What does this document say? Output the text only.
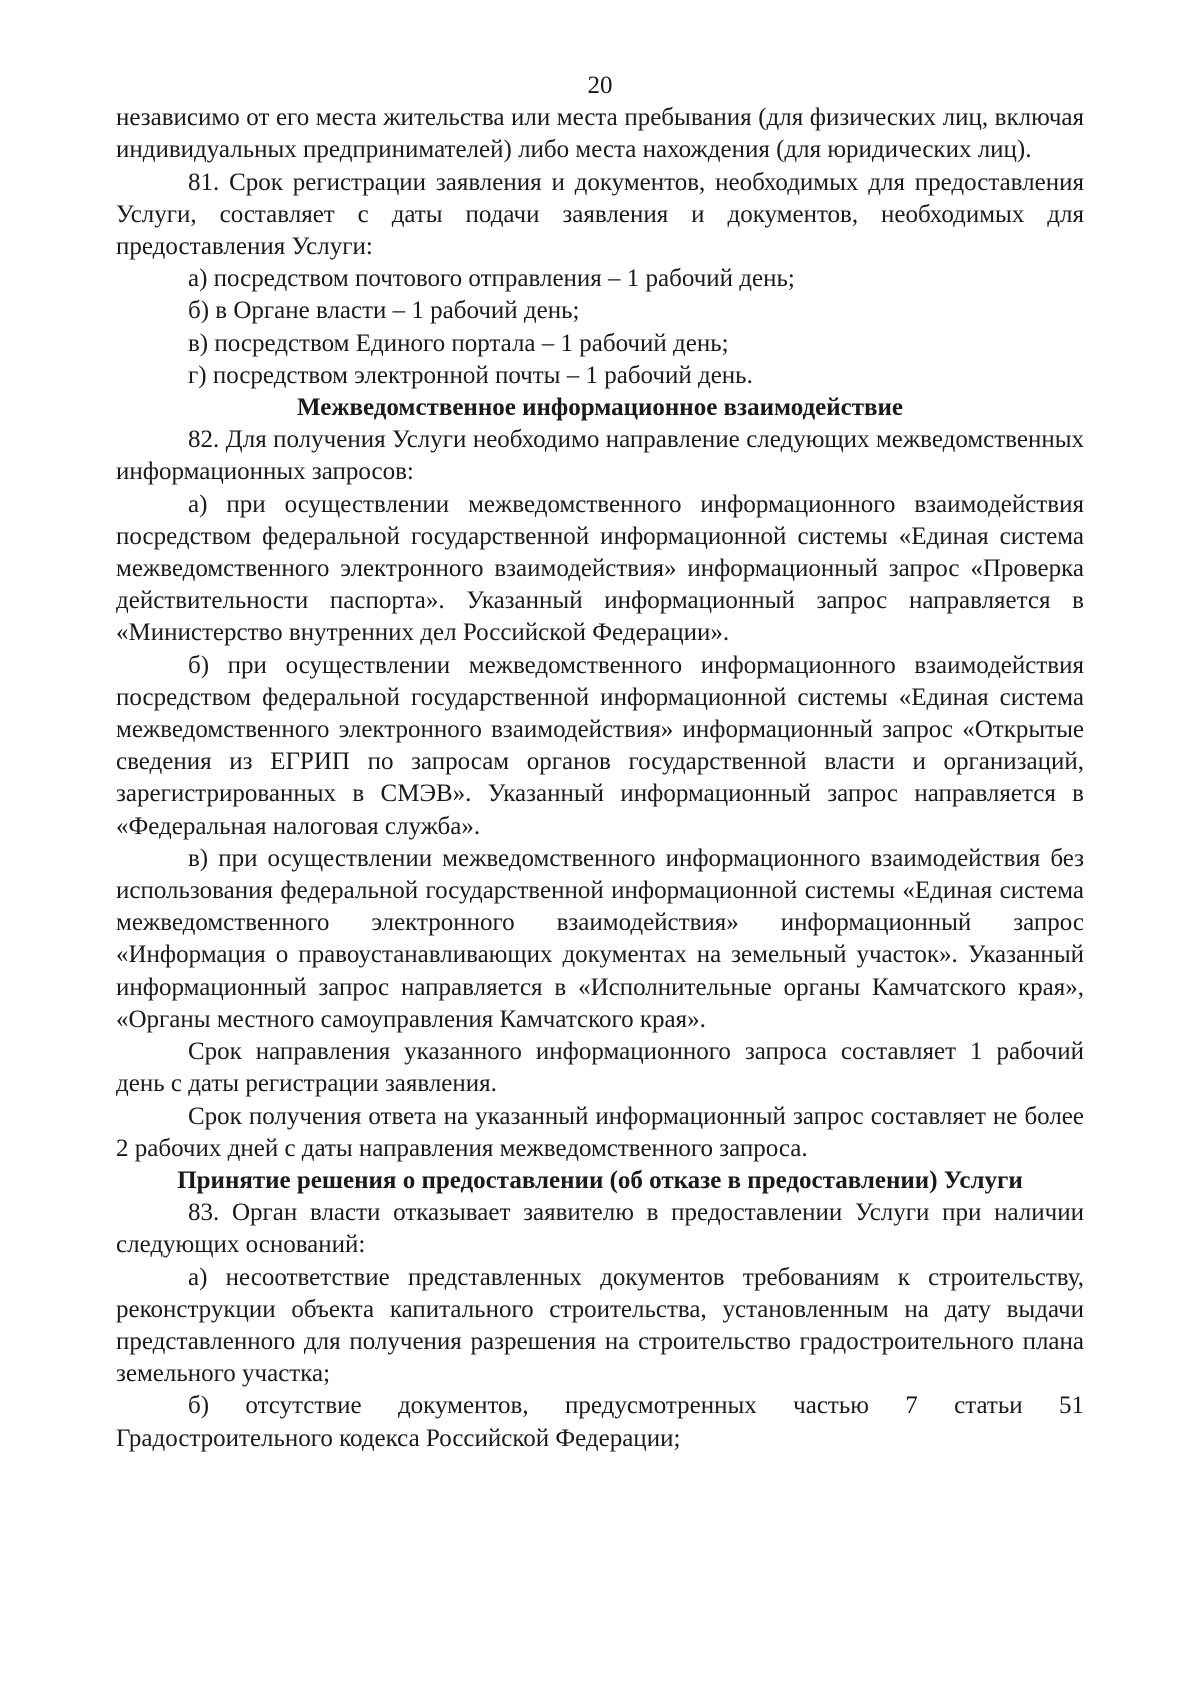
20

независимо от его места жительства или места пребывания (для физических лиц, включая индивидуальных предпринимателей) либо места нахождения (для юридических лиц).

81. Срок регистрации заявления и документов, необходимых для предоставления Услуги, составляет с даты подачи заявления и документов, необходимых для предоставления Услуги:

а) посредством почтового отправления – 1 рабочий день;

б) в Органе власти – 1 рабочий день;

в) посредством Единого портала – 1 рабочий день;

г) посредством электронной почты – 1 рабочий день.

Межведомственное информационное взаимодействие

82. Для получения Услуги необходимо направление следующих межведомственных информационных запросов:

а) при осуществлении межведомственного информационного взаимодействия посредством федеральной государственной информационной системы «Единая система межведомственного электронного взаимодействия» информационный запрос «Проверка действительности паспорта». Указанный информационный запрос направляется в «Министерство внутренних дел Российской Федерации».

б) при осуществлении межведомственного информационного взаимодействия посредством федеральной государственной информационной системы «Единая система межведомственного электронного взаимодействия» информационный запрос «Открытые сведения из ЕГРИП по запросам органов государственной власти и организаций, зарегистрированных в СМЭВ». Указанный информационный запрос направляется в «Федеральная налоговая служба».

в) при осуществлении межведомственного информационного взаимодействия без использования федеральной государственной информационной системы «Единая система межведомственного электронного взаимодействия» информационный запрос «Информация о правоустанавливающих документах на земельный участок». Указанный информационный запрос направляется в «Исполнительные органы Камчатского края», «Органы местного самоуправления Камчатского края».

Срок направления указанного информационного запроса составляет 1 рабочий день с даты регистрации заявления.

Срок получения ответа на указанный информационный запрос составляет не более 2 рабочих дней с даты направления межведомственного запроса.

Принятие решения о предоставлении (об отказе в предоставлении) Услуги

83. Орган власти отказывает заявителю в предоставлении Услуги при наличии следующих оснований:

а) несоответствие представленных документов требованиям к строительству, реконструкции объекта капитального строительства, установленным на дату выдачи представленного для получения разрешения на строительство градостроительного плана земельного участка;

б) отсутствие документов, предусмотренных частью 7 статьи 51 Градостроительного кодекса Российской Федерации;
